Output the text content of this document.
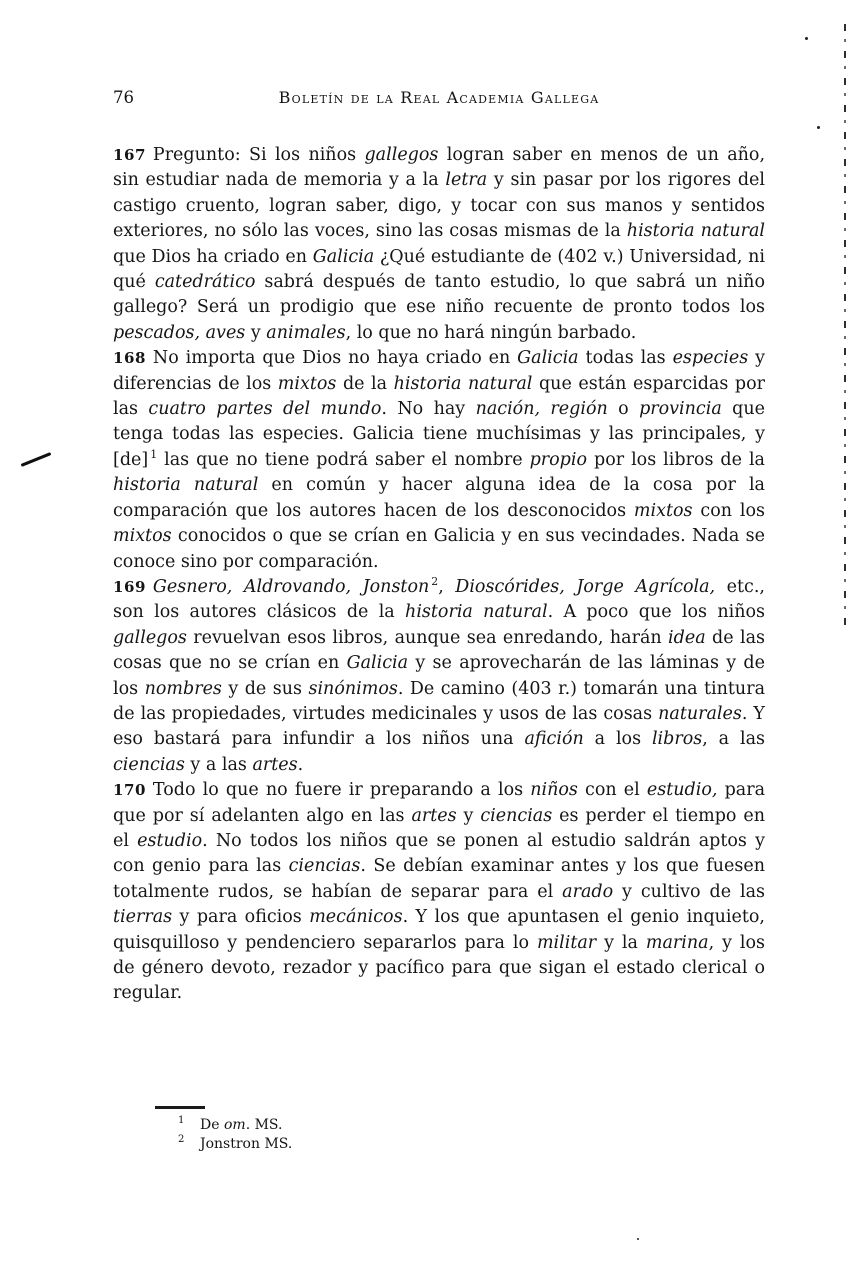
76	Boletín de la Real Academia Gallega

167 Pregunto: Si los niños gallegos logran saber en menos de un año, sin estudiar nada de memoria y a la letra y sin pasar por los rigores del castigo cruento, logran saber, digo, y tocar con sus manos y sentidos exteriores, no sólo las voces, sino las cosas mismas de la historia natural que Dios ha criado en Galicia ¿Qué estudiante de (402 v.) Universidad, ni qué catedrático sabrá después de tanto estudio, lo que sabrá un niño gallego? Será un prodigio que ese niño recuente de pronto todos los pescados, aves y animales, lo que no hará ningún barbado.

168 No importa que Dios no haya criado en Galicia todas las especies y diferencias de los mixtos de la historia natural que están esparcidas por las cuatro partes del mundo. No hay nación, región o provincia que tenga todas las especies. Galicia tiene muchísimas y las principales, y [de] $^1$ las que no tiene podrá saber el nombre propio por los libros de la historia natural en común y hacer alguna idea de la cosa por la comparación que los autores hacen de los desconocidos mixtos con los mixtos conocidos o que se crían en Galicia y en sus vecindades. Nada se conoce sino por comparación.

169 Gesnero, Aldrovando, Jonston $^2$, Dioscórides, Jorge Agrícola, etc., son los autores clásicos de la historia natural. A poco que los niños gallegos revuelvan esos libros, aunque sea enredando, harán idea de las cosas que no se crían en Galicia y se aprovecharán de las láminas y de los nombres y de sus sinónimos. De camino (403 r.) tomarán una tintura de las propiedades, virtudes medicinales y usos de las cosas naturales. Y eso bastará para infundir a los niños una afición a los libros, a las ciencias y a las artes.

170 Todo lo que no fuere ir preparando a los niños con el estudio, para que por sí adelanten algo en las artes y ciencias es perder el tiempo en el estudio. No todos los niños que se ponen al estudio saldrán aptos y con genio para las ciencias. Se debían examinar antes y los que fuesen totalmente rudos, se habían de separar para el arado y cultivo de las tierras y para oficios mecánicos. Y los que apuntasen el genio inquieto, quisquilloso y pendenciero separarlos para lo militar y la marina, y los de género devoto, rezador y pacífico para que sigan el estado clerical o regular.

$^1$ De om. MS.
$^2$ Jonstron MS.
